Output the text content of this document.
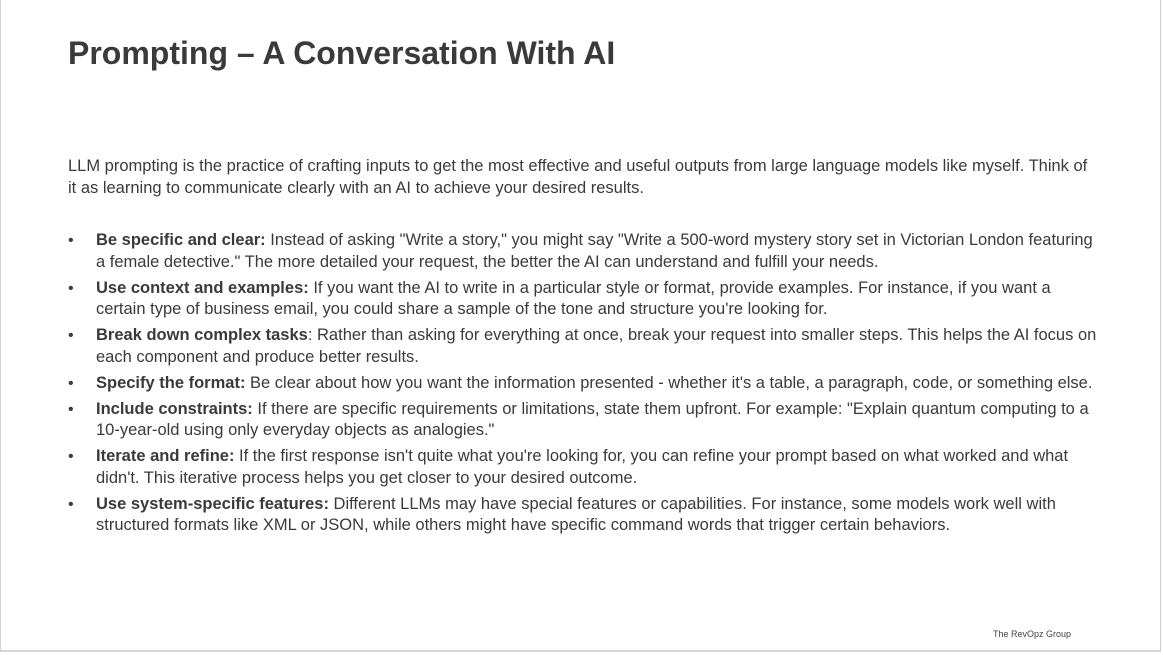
Prompting – A Conversation With AI

LLM prompting is the practice of crafting inputs to get the most effective and useful outputs from large language models like myself. Think of it as learning to communicate clearly with an AI to achieve your desired results.

• Be specific and clear: Instead of asking "Write a story," you might say "Write a 500-word mystery story set in Victorian London featuring a female detective." The more detailed your request, the better the AI can understand and fulfill your needs.
• Use context and examples: If you want the AI to write in a particular style or format, provide examples. For instance, if you want a certain type of business email, you could share a sample of the tone and structure you're looking for.
• Break down complex tasks: Rather than asking for everything at once, break your request into smaller steps. This helps the AI focus on each component and produce better results.
• Specify the format: Be clear about how you want the information presented - whether it's a table, a paragraph, code, or something else.
• Include constraints: If there are specific requirements or limitations, state them upfront. For example: "Explain quantum computing to a 10-year-old using only everyday objects as analogies."
• Iterate and refine: If the first response isn't quite what you're looking for, you can refine your prompt based on what worked and what didn't. This iterative process helps you get closer to your desired outcome.
• Use system-specific features: Different LLMs may have special features or capabilities. For instance, some models work well with structured formats like XML or JSON, while others might have specific command words that trigger certain behaviors.
The RevOpz Group
